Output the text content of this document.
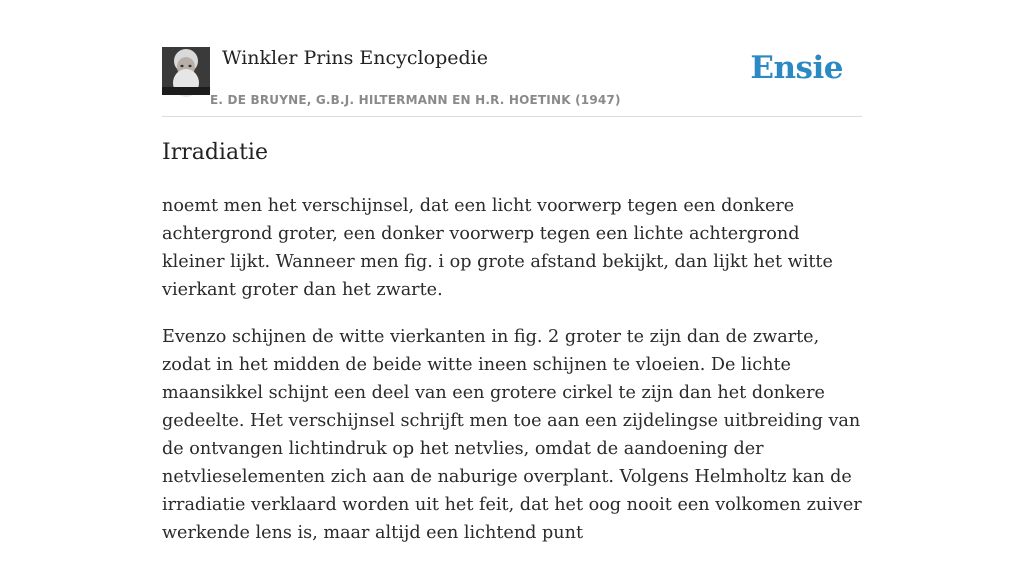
Winkler Prins Encyclopedie
E. DE BRUYNE, G.B.J. HILTERMANN EN H.R. HOETINK (1947)
Ensie
Irradiatie

noemt men het verschijnsel, dat een licht voorwerp tegen een donkere achtergrond groter, een donker voorwerp tegen een lichte achtergrond kleiner lijkt. Wanneer men fig. i op grote afstand bekijkt, dan lijkt het witte vierkant groter dan het zwarte.

Evenzo schijnen de witte vierkanten in fig. 2 groter te zijn dan de zwarte, zodat in het midden de beide witte ineen schijnen te vloeien. De lichte maansikkel schijnt een deel van een grotere cirkel te zijn dan het donkere gedeelte. Het verschijnsel schrijft men toe aan een zijdelingse uitbreiding van de ontvangen lichtindruk op het netvlies, omdat de aandoening der netvlieselementen zich aan de naburige overplant. Volgens Helmholtz kan de irradiatie verklaard worden uit het feit, dat het oog nooit een volkomen zuiver werkende lens is, maar altijd een lichtend punt
